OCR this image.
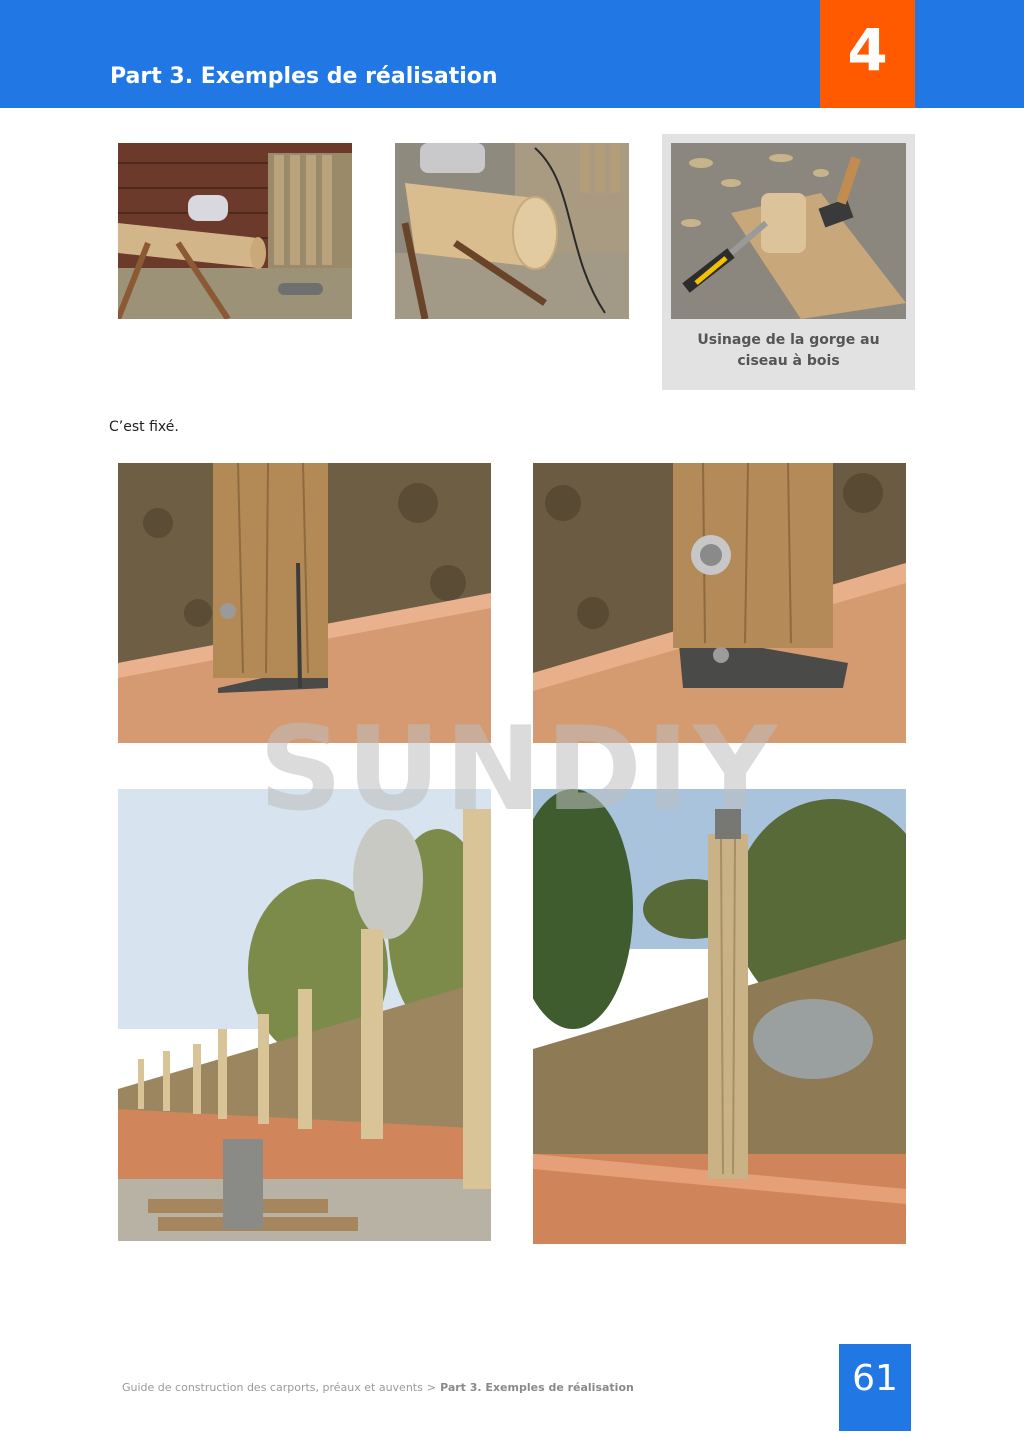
Part 3. Exemples de réalisation	4
Usinage de la gorge au ciseau à bois
C’est fixé.
SUNDIY
Guide de construction des carports, préaux et auvents > Part 3. Exemples de réalisation	61
